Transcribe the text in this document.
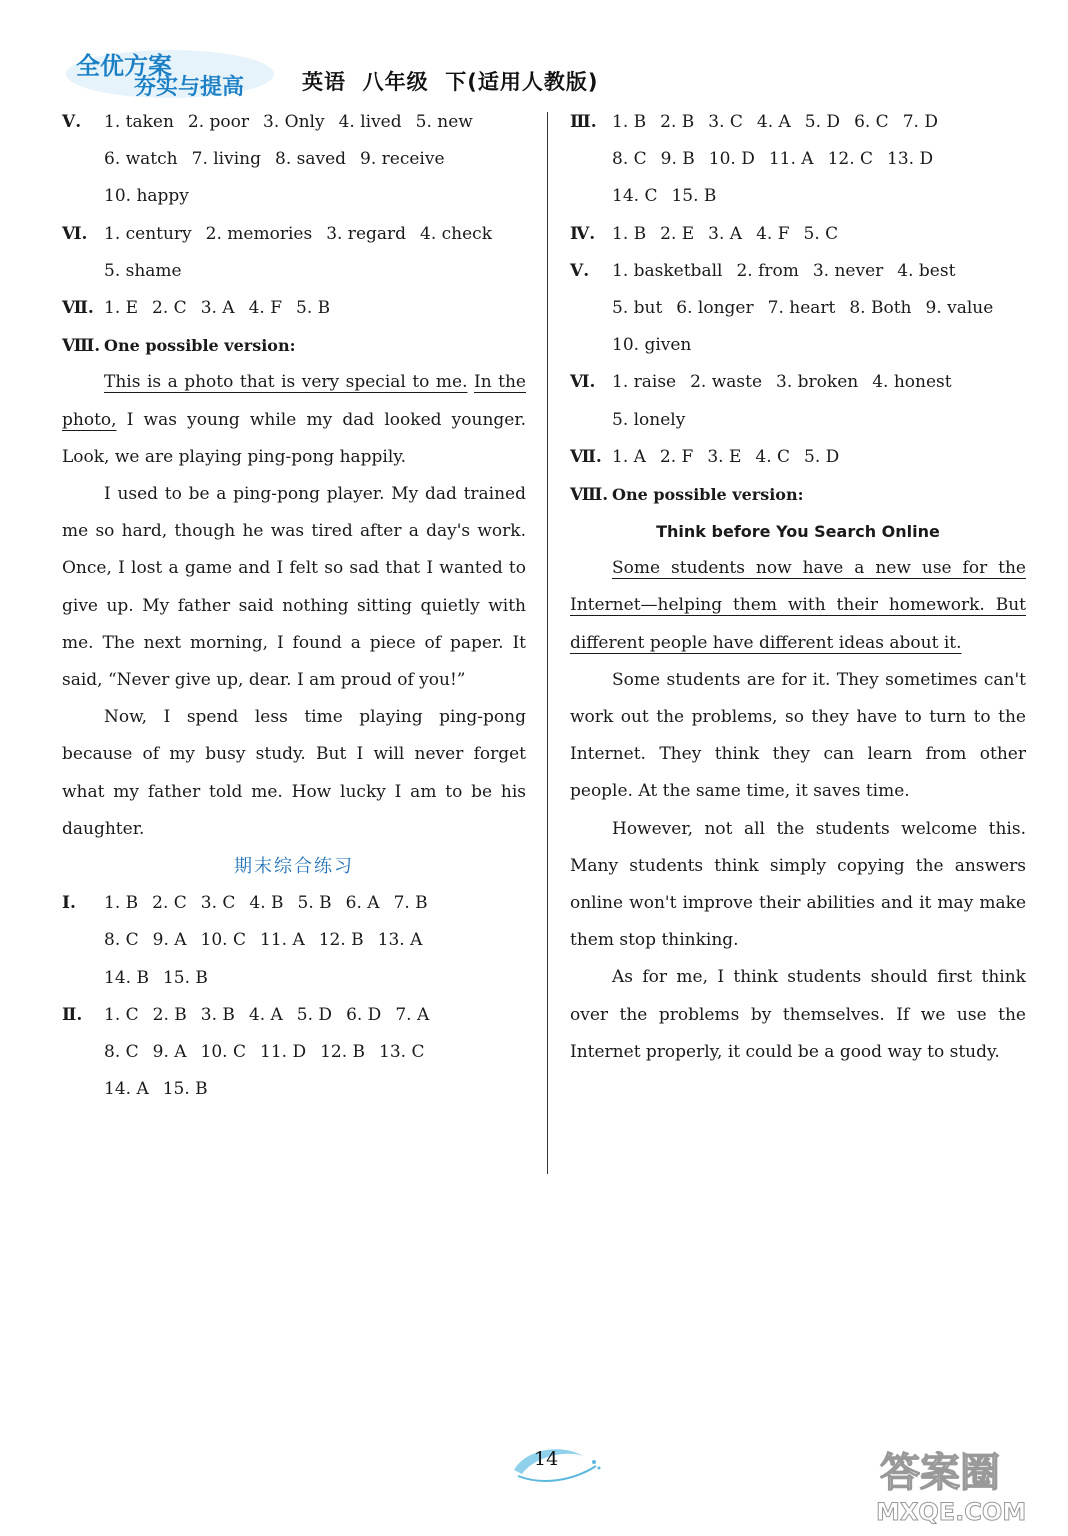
全优方案
夯实与提高	英语  八年级  下(适用人教版)
Ⅴ. 1. taken 2. poor 3. Only 4. lived 5. new
6. watch 7. living 8. saved 9. receive
10. happy
Ⅵ. 1. century 2. memories 3. regard 4. check
5. shame
Ⅶ. 1. E 2. C 3. A 4. F 5. B
Ⅷ. One possible version:
This is a photo that is very special to me. In the photo, I was young while my dad looked younger. Look, we are playing ping-pong happily.
I used to be a ping-pong player. My dad trained me so hard, though he was tired after a day's work. Once, I lost a game and I felt so sad that I wanted to give up. My father said nothing sitting quietly with me. The next morning, I found a piece of paper. It said, “Never give up, dear. I am proud of you!”
Now, I spend less time playing ping-pong because of my busy study. But I will never forget what my father told me. How lucky I am to be his daughter.
期末综合练习
Ⅰ. 1. B 2. C 3. C 4. B 5. B 6. A 7. B
8. C 9. A 10. C 11. A 12. B 13. A
14. B 15. B
Ⅱ. 1. C 2. B 3. B 4. A 5. D 6. D 7. A
8. C 9. A 10. C 11. D 12. B 13. C
14. A 15. B
Ⅲ. 1. B 2. B 3. C 4. A 5. D 6. C 7. D
8. C 9. B 10. D 11. A 12. C 13. D
14. C 15. B
Ⅳ. 1. B 2. E 3. A 4. F 5. C
Ⅴ. 1. basketball 2. from 3. never 4. best
5. but 6. longer 7. heart 8. Both 9. value
10. given
Ⅵ. 1. raise 2. waste 3. broken 4. honest
5. lonely
Ⅶ. 1. A 2. F 3. E 4. C 5. D
Ⅷ. One possible version:
Think before You Search Online
Some students now have a new use for the Internet—helping them with their homework. But different people have different ideas about it.
Some students are for it. They sometimes can't work out the problems, so they have to turn to the Internet. They think they can learn from other people. At the same time, it saves time.
However, not all the students welcome this. Many students think simply copying the answers online won't improve their abilities and it may make them stop thinking.
As for me, I think students should first think over the problems by themselves. If we use the Internet properly, it could be a good way to study.
14	答案圈
MXQE.COM
